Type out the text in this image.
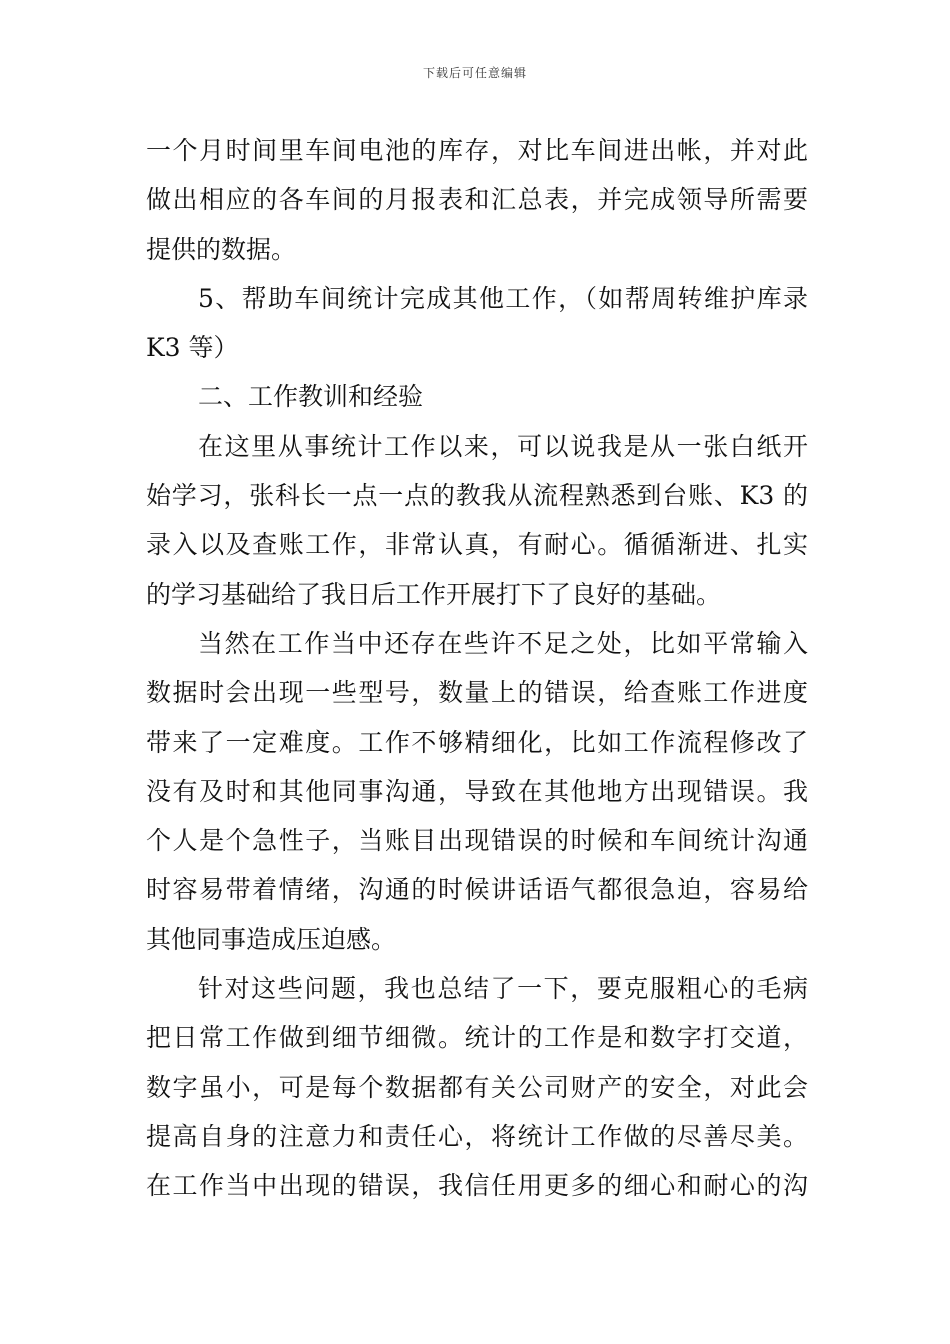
下载后可任意编辑
一个月时间里车间电池的库存，对比车间进出帐，并对此
做出相应的各车间的月报表和汇总表，并完成领导所需要
提供的数据。
5、帮助车间统计完成其他工作，（如帮周转维护库录
K3 等）
二、工作教训和经验
在这里从事统计工作以来，可以说我是从一张白纸开
始学习，张科长一点一点的教我从流程熟悉到台账、K3 的
录入以及查账工作，非常认真，有耐心。循循渐进、扎实
的学习基础给了我日后工作开展打下了良好的基础。
当然在工作当中还存在些许不足之处，比如平常输入
数据时会出现一些型号，数量上的错误，给查账工作进度
带来了一定难度。工作不够精细化，比如工作流程修改了
没有及时和其他同事沟通，导致在其他地方出现错误。我
个人是个急性子，当账目出现错误的时候和车间统计沟通
时容易带着情绪，沟通的时候讲话语气都很急迫，容易给
其他同事造成压迫感。
针对这些问题，我也总结了一下，要克服粗心的毛病
把日常工作做到细节细微。统计的工作是和数字打交道，
数字虽小，可是每个数据都有关公司财产的安全，对此会
提高自身的注意力和责任心，将统计工作做的尽善尽美。
在工作当中出现的错误，我信任用更多的细心和耐心的沟
